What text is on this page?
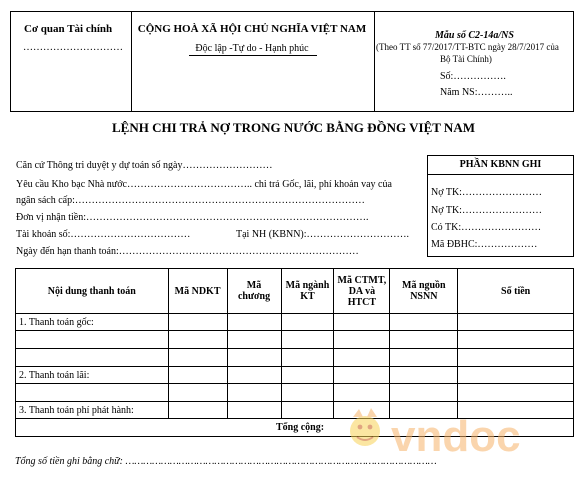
Cơ quan Tài chính
…………………………
CỘNG HOÀ XÃ HỘI CHỦ NGHĨA VIỆT NAM
Độc lập -Tự do - Hạnh phúc
Mẫu số C2-14a/NS
(Theo TT số 77/2017/TT-BTC ngày 28/7/2017 của
Bộ Tài Chính)
Số:…………….
Năm NS:………..
LỆNH CHI TRẢ NỢ TRONG NƯỚC BẰNG ĐỒNG VIỆT NAM
Căn cứ Thông tri duyệt y dự toán số ngày………………………
Yêu cầu Kho bạc Nhà nước……………………………….. chi trả Gốc, lãi, phí khoản vay của
ngân sách cấp:……………………………………………………………………………
Đơn vị nhận tiền:………………………………………………………………………….
Tài khoản số:………………………………	Tại NH (KBNN):………………………….
Ngày đến hạn thanh toán:………………………………………………………………
PHẦN KBNN GHI
Nợ TK:……………………
Nợ TK:……………………
Có TK:……………………
Mã ĐBHC:………………
Nội dung thanh toán	Mã NDKT	Mã chương	Mã ngành KT	Mã CTMT, DA và HTCT	Mã nguồn NSNN	Số tiền
1. Thanh toán gốc:						

2. Thanh toán lãi:						

3. Thanh toán phí phát hành:						
Tổng cộng:						
Tổng số tiền ghi bằng chữ: ……………………………………………………………………………………………
vndoc
